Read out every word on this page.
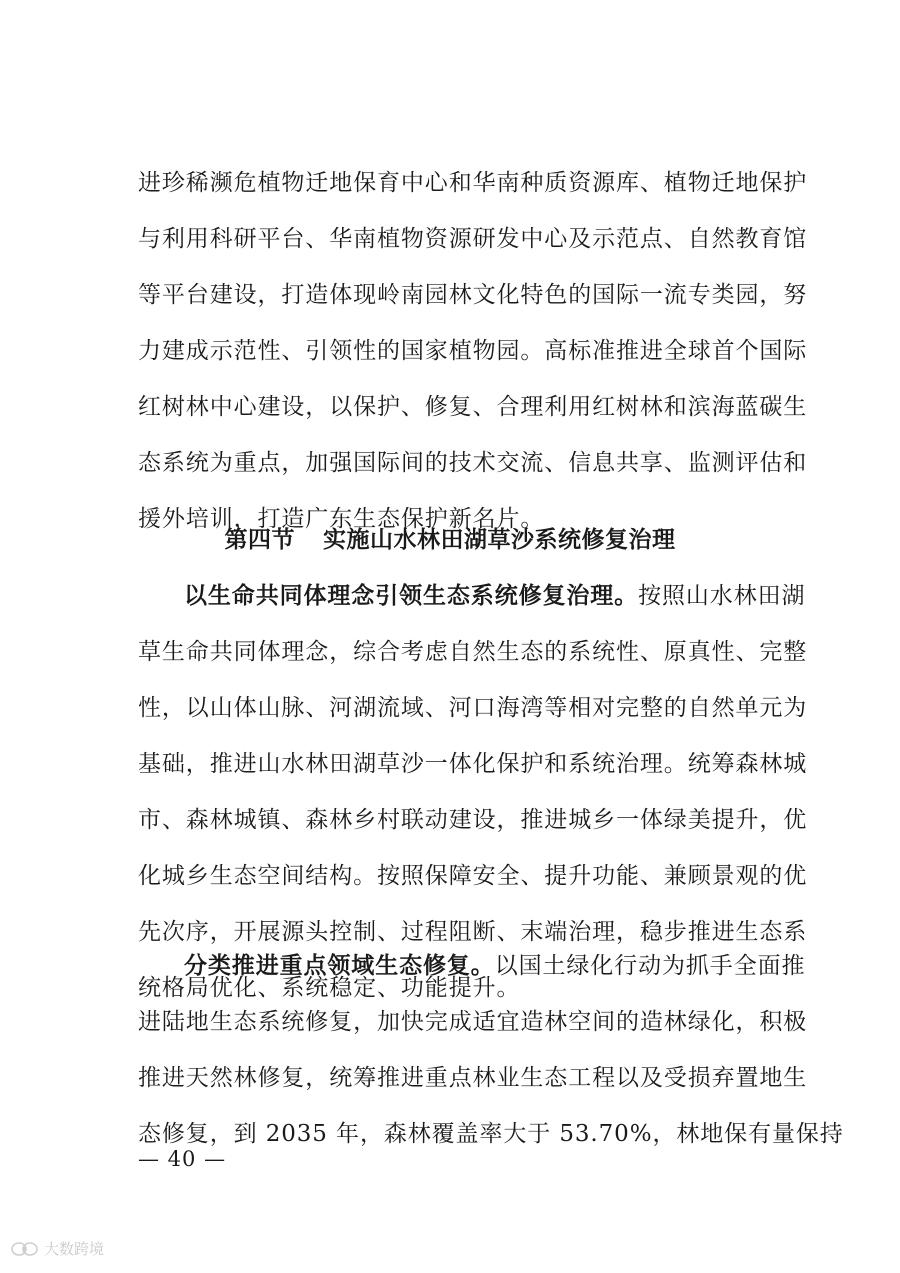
进珍稀濒危植物迁地保育中心和华南种质资源库、植物迁地保护
与利用科研平台、华南植物资源研发中心及示范点、自然教育馆
等平台建设，打造体现岭南园林文化特色的国际一流专类园，努
力建成示范性、引领性的国家植物园。高标准推进全球首个国际
红树林中心建设，以保护、修复、合理利用红树林和滨海蓝碳生
态系统为重点，加强国际间的技术交流、信息共享、监测评估和
援外培训，打造广东生态保护新名片。
第四节 实施山水林田湖草沙系统修复治理
以生命共同体理念引领生态系统修复治理。按照山水林田湖
草生命共同体理念，综合考虑自然生态的系统性、原真性、完整
性，以山体山脉、河湖流域、河口海湾等相对完整的自然单元为
基础，推进山水林田湖草沙一体化保护和系统治理。统筹森林城
市、森林城镇、森林乡村联动建设，推进城乡一体绿美提升，优
化城乡生态空间结构。按照保障安全、提升功能、兼顾景观的优
先次序，开展源头控制、过程阻断、末端治理，稳步推进生态系
统格局优化、系统稳定、功能提升。
分类推进重点领域生态修复。以国土绿化行动为抓手全面推
进陆地生态系统修复，加快完成适宜造林空间的造林绿化，积极
推进天然林修复，统筹推进重点林业生态工程以及受损弃置地生
态修复，到 2035 年，森林覆盖率大于 53.70%，林地保有量保持
— 40 —
大数跨境
